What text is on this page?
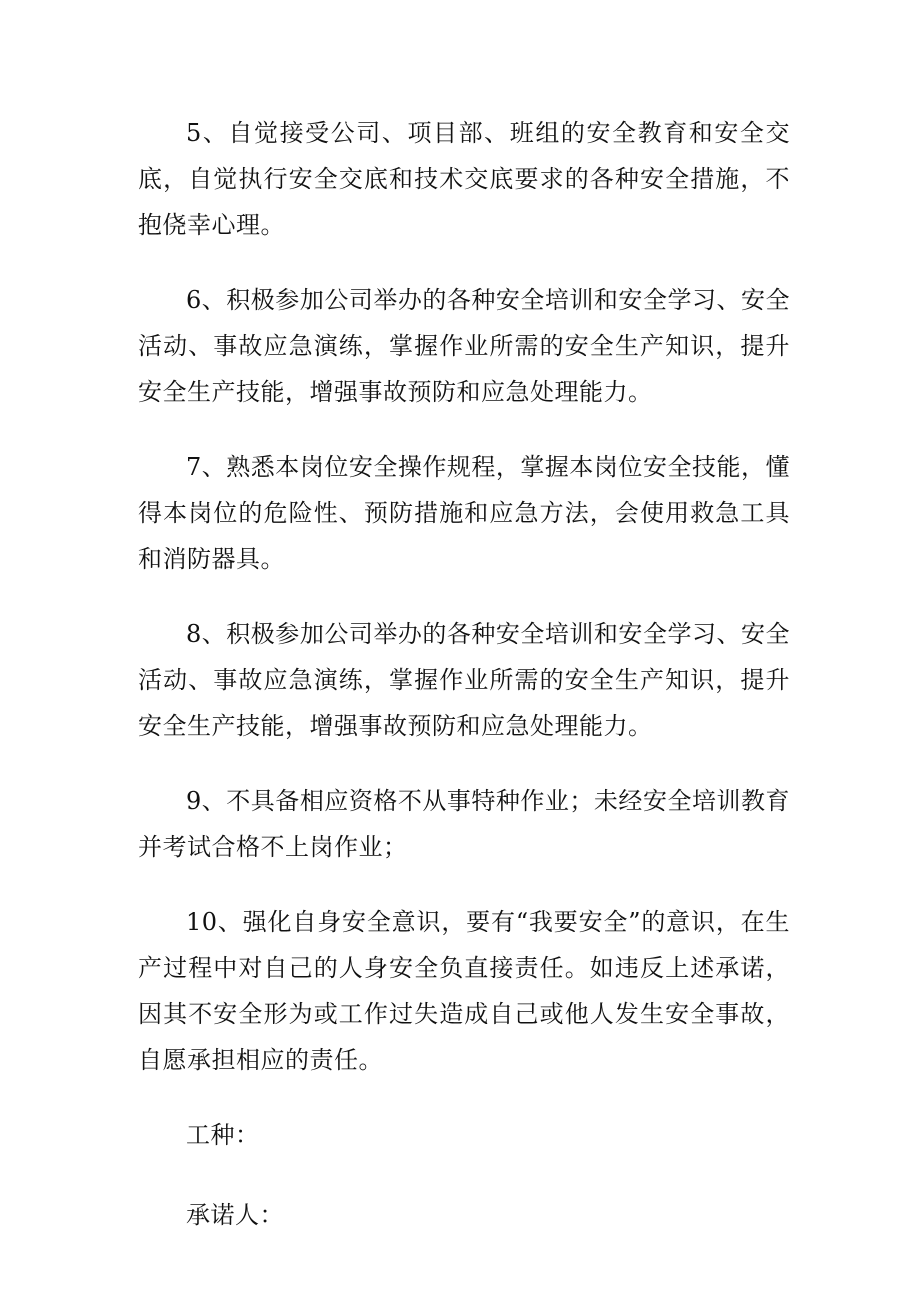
5、自觉接受公司、项目部、班组的安全教育和安全交底，自觉执行安全交底和技术交底要求的各种安全措施，不抱侥幸心理。

6、积极参加公司举办的各种安全培训和安全学习、安全活动、事故应急演练，掌握作业所需的安全生产知识，提升安全生产技能，增强事故预防和应急处理能力。

7、熟悉本岗位安全操作规程，掌握本岗位安全技能，懂得本岗位的危险性、预防措施和应急方法，会使用救急工具和消防器具。

8、积极参加公司举办的各种安全培训和安全学习、安全活动、事故应急演练，掌握作业所需的安全生产知识，提升安全生产技能，增强事故预防和应急处理能力。

9、不具备相应资格不从事特种作业；未经安全培训教育并考试合格不上岗作业；

10、强化自身安全意识，要有“我要安全”的意识，在生产过程中对自己的人身安全负直接责任。如违反上述承诺，因其不安全形为或工作过失造成自己或他人发生安全事故，自愿承担相应的责任。

工种：

承诺人：
